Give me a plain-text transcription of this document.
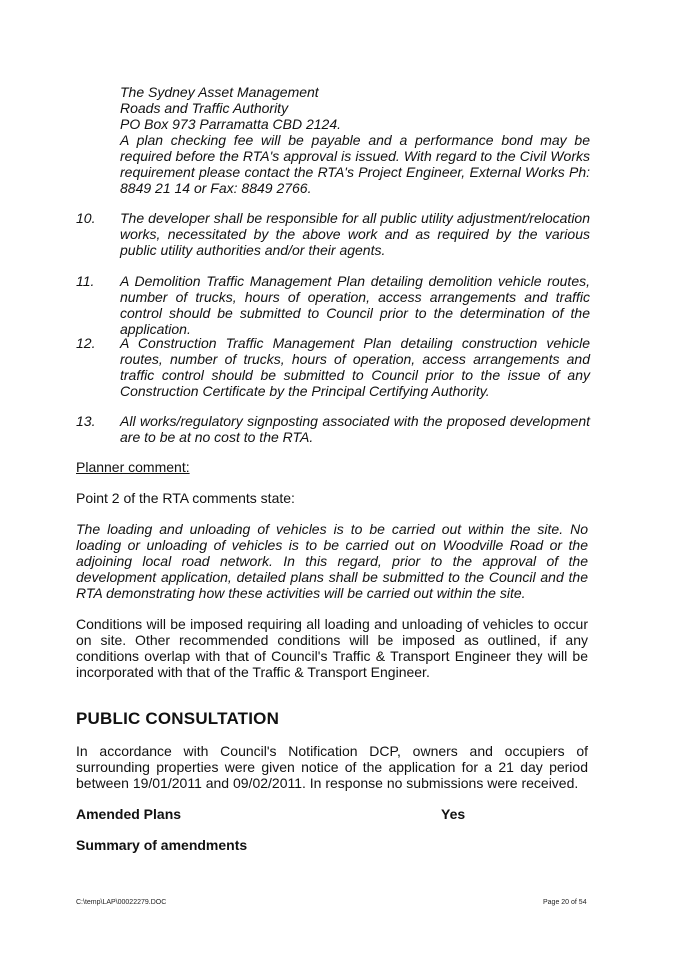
The Sydney Asset Management
Roads and Traffic Authority
PO Box 973 Parramatta CBD 2124.
A plan checking fee will be payable and a performance bond may be required before the RTA's approval is issued. With regard to the Civil Works requirement please contact the RTA's Project Engineer, External Works Ph: 8849 21 14 or Fax: 8849 2766.
10.	The developer shall be responsible for all public utility adjustment/relocation works, necessitated by the above work and as required by the various public utility authorities and/or their agents.
11.	A Demolition Traffic Management Plan detailing demolition vehicle routes, number of trucks, hours of operation, access arrangements and traffic control should be submitted to Council prior to the determination of the application.
12.	A Construction Traffic Management Plan detailing construction vehicle routes, number of trucks, hours of operation, access arrangements and traffic control should be submitted to Council prior to the issue of any Construction Certificate by the Principal Certifying Authority.
13.	All works/regulatory signposting associated with the proposed development are to be at no cost to the RTA.
Planner comment:
Point 2 of the RTA comments state:
The loading and unloading of vehicles is to be carried out within the site. No loading or unloading of vehicles is to be carried out on Woodville Road or the adjoining local road network. In this regard, prior to the approval of the development application, detailed plans shall be submitted to the Council and the RTA demonstrating how these activities will be carried out within the site.
Conditions will be imposed requiring all loading and unloading of vehicles to occur on site. Other recommended conditions will be imposed as outlined, if any conditions overlap with that of Council's Traffic & Transport Engineer they will be incorporated with that of the Traffic & Transport Engineer.
PUBLIC CONSULTATION
In accordance with Council's Notification DCP, owners and occupiers of surrounding properties were given notice of the application for a 21 day period between 19/01/2011 and 09/02/2011. In response no submissions were received.
Amended Plans	Yes
Summary of amendments
C:\temp\LAP\00022279.DOC	Page 20 of 54
